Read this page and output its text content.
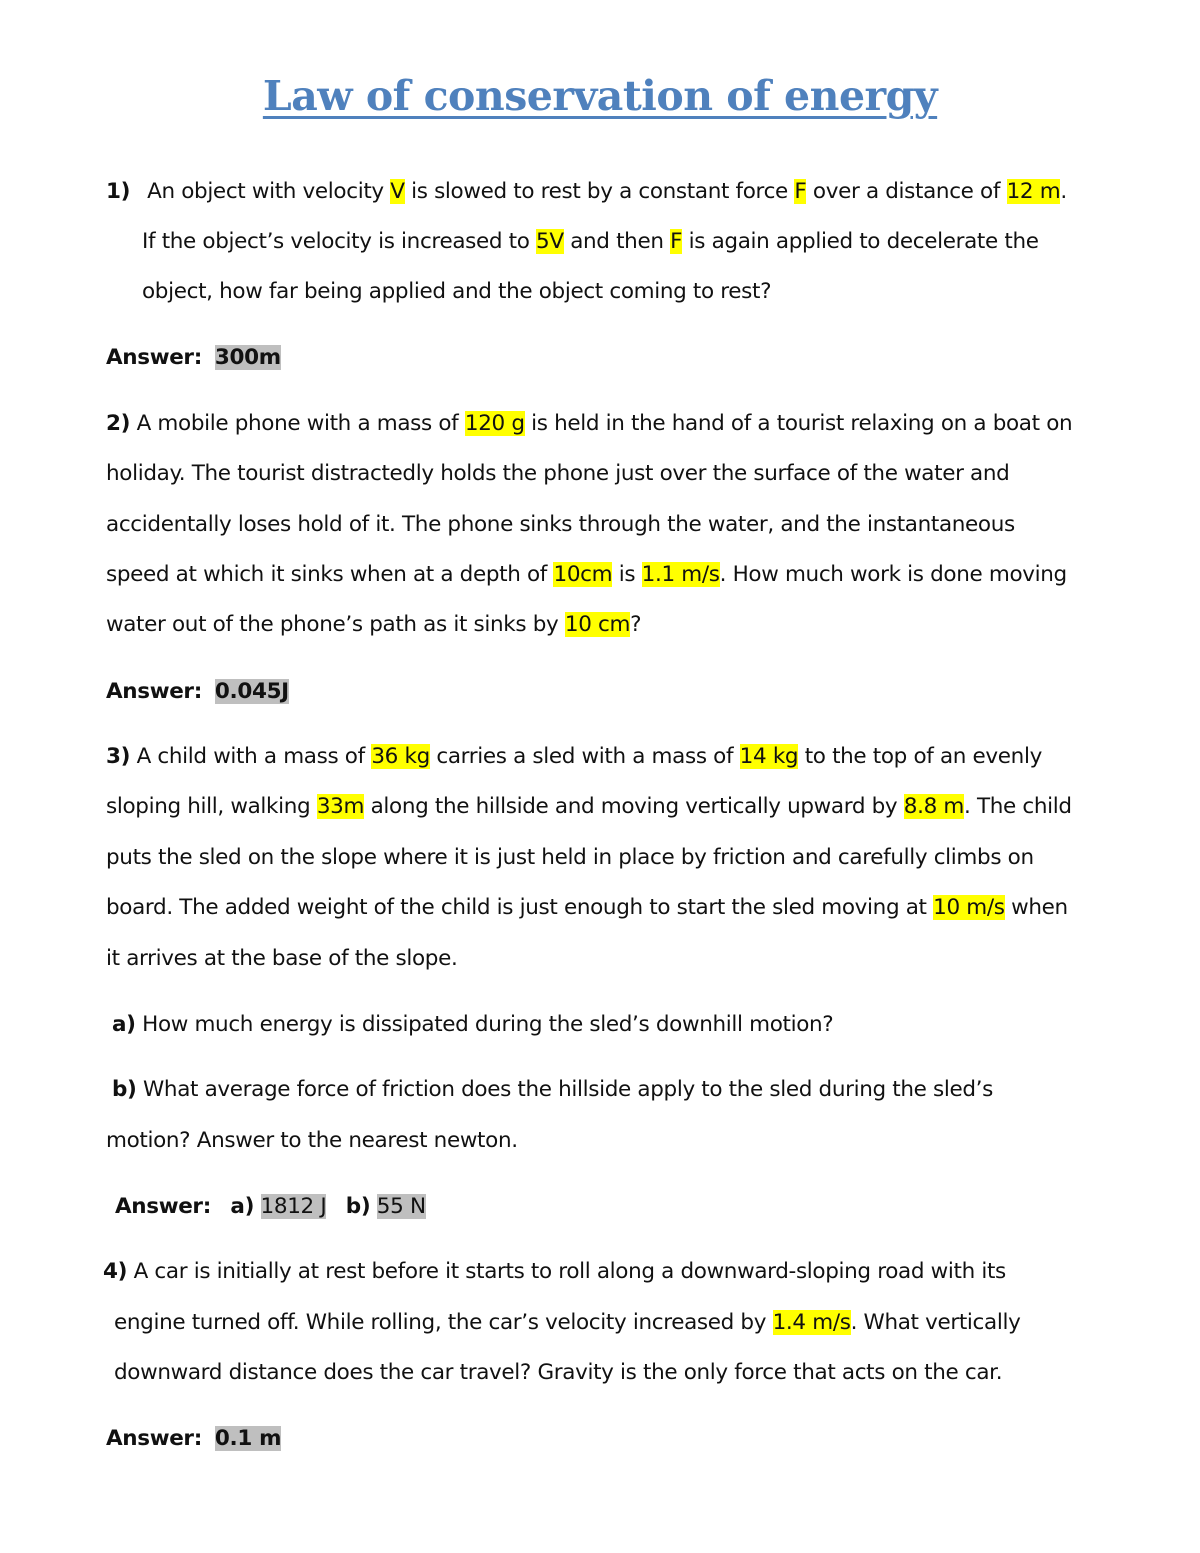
Law of conservation of energy
1) An object with velocity V is slowed to rest by a constant force F over a distance of 12 m.
If the object’s velocity is increased to 5V and then F is again applied to decelerate the
object, how far being applied and the object coming to rest?
Answer: 300m
2) A mobile phone with a mass of 120 g is held in the hand of a tourist relaxing on a boat on
holiday. The tourist distractedly holds the phone just over the surface of the water and
accidentally loses hold of it. The phone sinks through the water, and the instantaneous
speed at which it sinks when at a depth of 10cm is 1.1 m/s. How much work is done moving
water out of the phone’s path as it sinks by 10 cm?
Answer: 0.045J
3) A child with a mass of 36 kg carries a sled with a mass of 14 kg to the top of an evenly
sloping hill, walking 33m along the hillside and moving vertically upward by 8.8 m. The child
puts the sled on the slope where it is just held in place by friction and carefully climbs on
board. The added weight of the child is just enough to start the sled moving at 10 m/s when
it arrives at the base of the slope.
a) How much energy is dissipated during the sled’s downhill motion?
b) What average force of friction does the hillside apply to the sled during the sled’s
motion? Answer to the nearest newton.
Answer: a) 1812 J b) 55 N
4) A car is initially at rest before it starts to roll along a downward-sloping road with its
engine turned off. While rolling, the car’s velocity increased by 1.4 m/s. What vertically
downward distance does the car travel? Gravity is the only force that acts on the car.
Answer: 0.1 m
